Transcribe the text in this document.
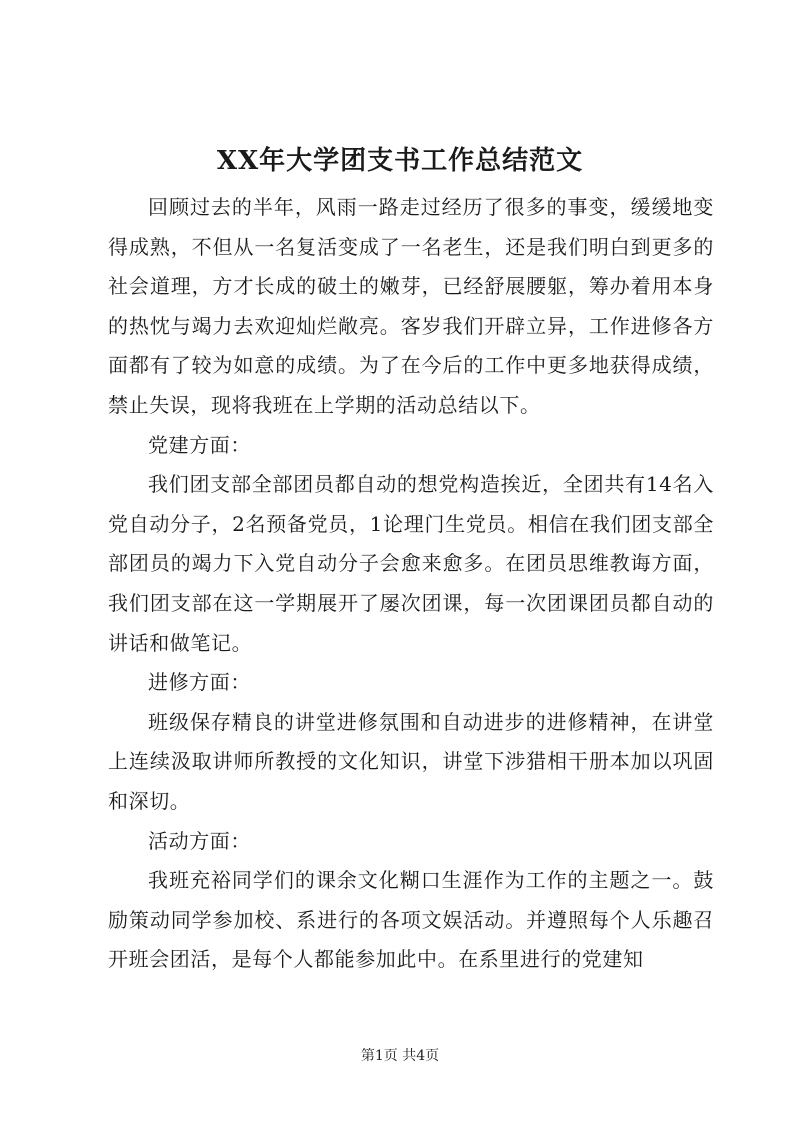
XX年大学团支书工作总结范文

回顾过去的半年，风雨一路走过经历了很多的事变，缓缓地变得成熟，不但从一名复活变成了一名老生，还是我们明白到更多的社会道理，方才长成的破土的嫩芽，已经舒展腰躯，筹办着用本身的热忱与竭力去欢迎灿烂敞亮。客岁我们开辟立异，工作进修各方面都有了较为如意的成绩。为了在今后的工作中更多地获得成绩，禁止失误，现将我班在上学期的活动总结以下。

党建方面：

我们团支部全部团员都自动的想党构造挨近，全团共有14名入党自动分子，2名预备党员，1论理门生党员。相信在我们团支部全部团员的竭力下入党自动分子会愈来愈多。在团员思维教诲方面，我们团支部在这一学期展开了屡次团课，每一次团课团员都自动的讲话和做笔记。

进修方面：

班级保存精良的讲堂进修氛围和自动进步的进修精神，在讲堂上连续汲取讲师所教授的文化知识，讲堂下涉猎相干册本加以巩固和深切。

活动方面：

我班充裕同学们的课余文化糊口生涯作为工作的主题之一。鼓励策动同学参加校、系进行的各项文娱活动。并遵照每个人乐趣召开班会团活，是每个人都能参加此中。在系里进行的党建知

第1页 共4页
